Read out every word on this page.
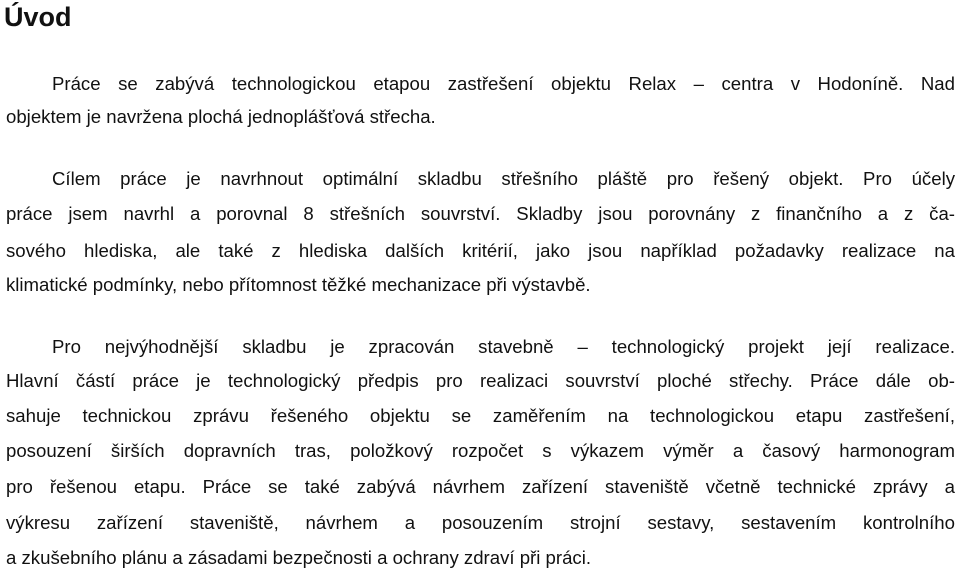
Úvod
Práce se zabývá technologickou etapou zastřešení objektu Relax – centra v Hodoníně. Nad
objektem je navržena plochá jednoplášťová střecha.
Cílem práce je navrhnout optimální skladbu střešního pláště pro řešený objekt. Pro účely
práce jsem navrhl a porovnal 8 střešních souvrství. Skladby jsou porovnány z finančního a z ča-
sového hlediska, ale také z hlediska dalších kritérií, jako jsou například požadavky realizace na
klimatické podmínky, nebo přítomnost těžké mechanizace při výstavbě.
Pro nejvýhodnější skladbu je zpracován stavebně – technologický projekt její realizace.
Hlavní částí práce je technologický předpis pro realizaci souvrství ploché střechy. Práce dále ob-
sahuje technickou zprávu řešeného objektu se zaměřením na technologickou etapu zastřešení,
posouzení širších dopravních tras, položkový rozpočet s výkazem výměr a časový harmonogram
pro řešenou etapu. Práce se také zabývá návrhem zařízení staveniště včetně technické zprávy a
výkresu zařízení staveniště, návrhem a posouzením strojní sestavy, sestavením kontrolního
a zkušebního plánu a zásadami bezpečnosti a ochrany zdraví při práci.
